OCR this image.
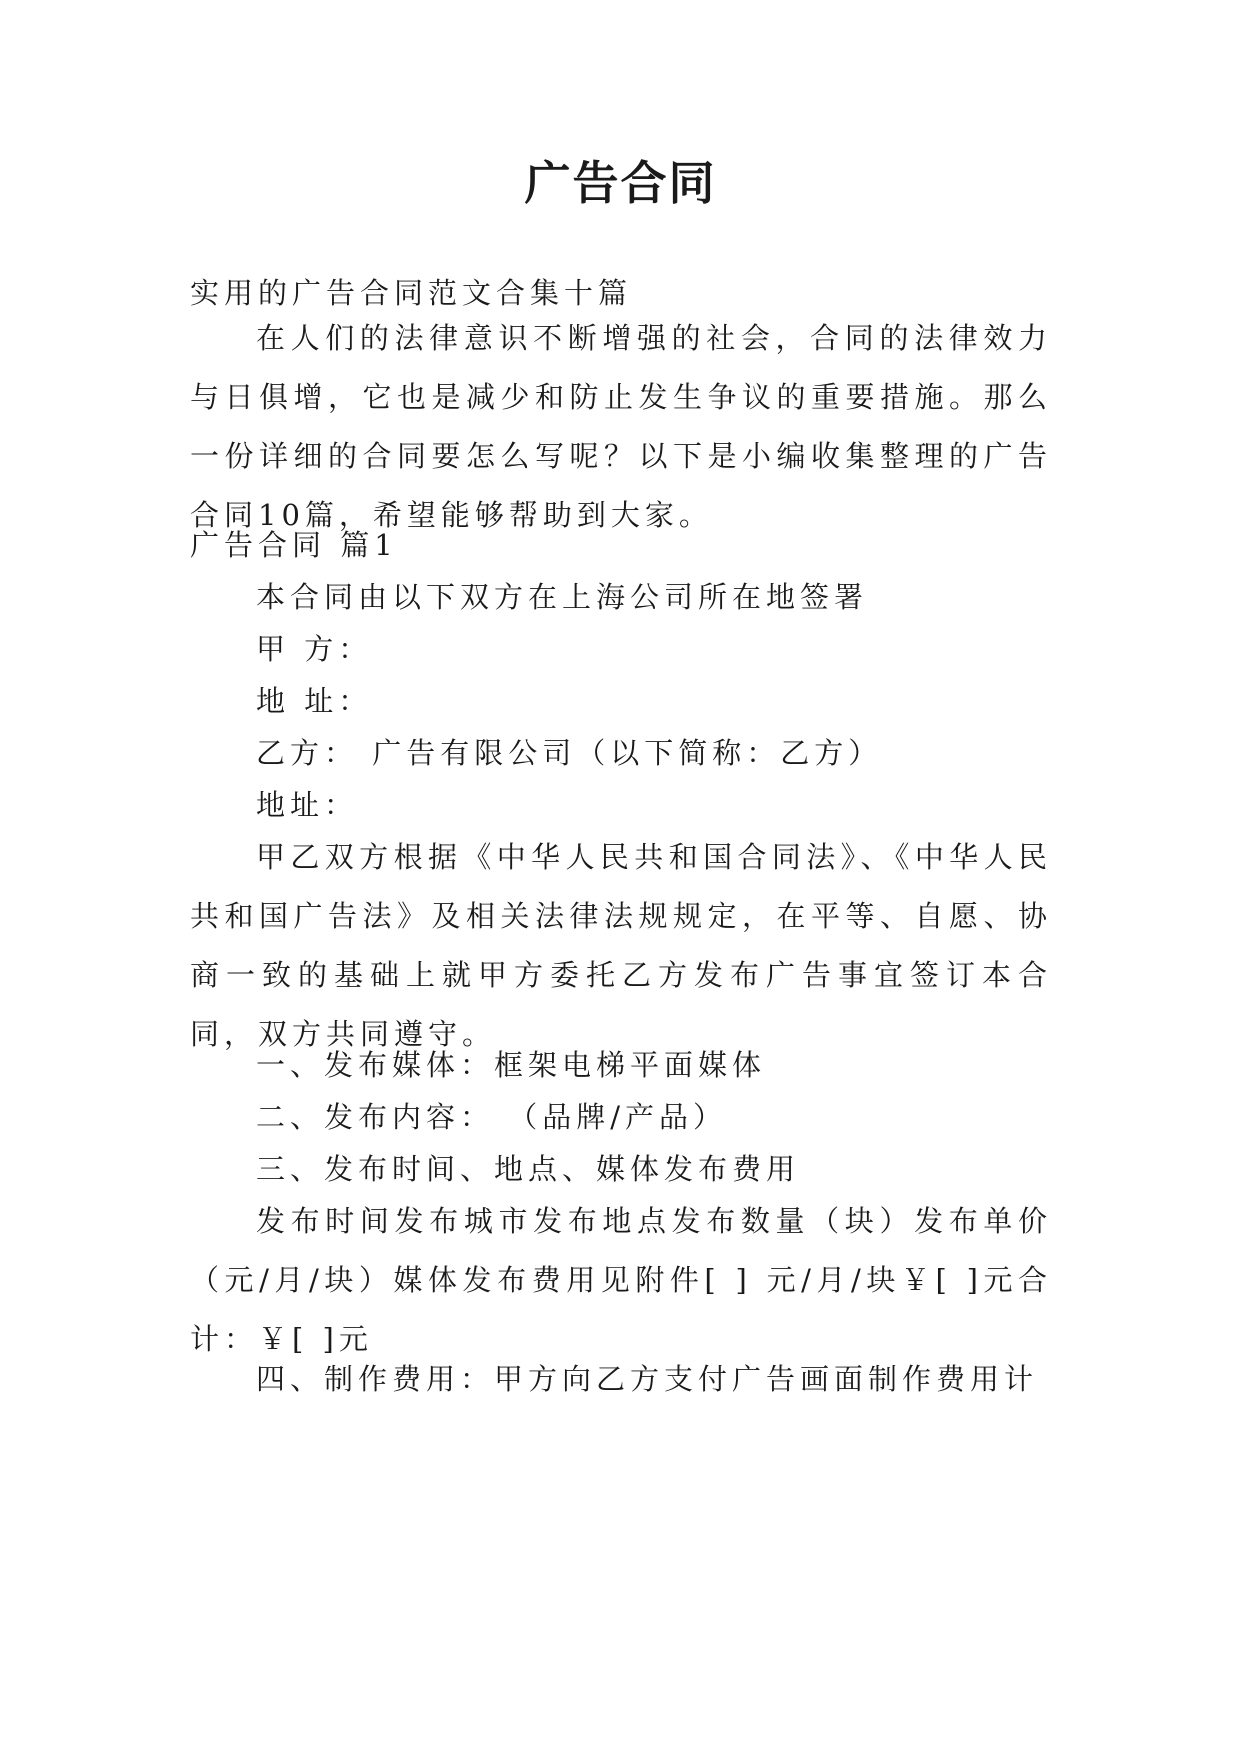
广告合同

实用的广告合同范文合集十篇

在人们的法律意识不断增强的社会，合同的法律效力与日俱增，它也是减少和防止发生争议的重要措施。那么一份详细的合同要怎么写呢？以下是小编收集整理的广告合同10篇，希望能够帮助到大家。

广告合同 篇1

本合同由以下双方在上海公司所在地签署

甲 方：

地 址：

乙方： 广告有限公司（以下简称：乙方）

地址：

甲乙双方根据《中华人民共和国合同法》、《中华人民共和国广告法》及相关法律法规规定，在平等、自愿、协商一致的基础上就甲方委托乙方发布广告事宜签订本合同，双方共同遵守。

一、发布媒体：框架电梯平面媒体

二、发布内容： （品牌/产品）

三、发布时间、地点、媒体发布费用

发布时间发布城市发布地点发布数量（块）发布单价（元/月/块）媒体发布费用见附件[ ] 元/月/块￥[ ]元合计：￥[ ]元

四、制作费用：甲方向乙方支付广告画面制作费用计
